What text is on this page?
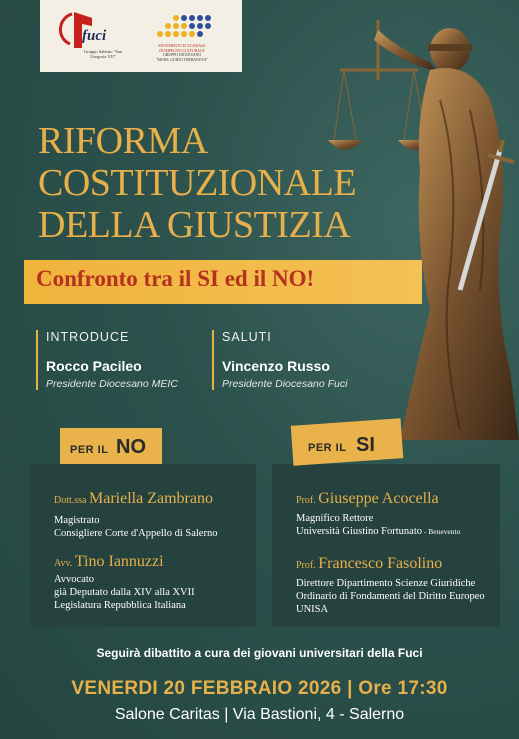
fuci
Gruppo Salerno "San Gregorio VII"
MOVIMENTO ECCLESIALE
DI IMPEGNO CULTURALE
GRUPPO DIOCESANO
"MONS. GUIDO TERRANOVA"
RIFORMA
COSTITUZIONALE
DELLA GIUSTIZIA
Confronto tra il SI ed il NO!
INTRODUCE
Rocco Pacileo
Presidente Diocesano MEIC
SALUTI
Vincenzo Russo
Presidente Diocesano Fuci
PER IL NO
Dott.ssa Mariella Zambrano
Magistrato
Consigliere Corte d'Appello di Salerno
Avv. Tino Iannuzzi
Avvocato
già Deputato dalla XIV alla XVII
Legislatura Repubblica Italiana
PER IL SI
Prof. Giuseppe Acocella
Magnifico Rettore
Università Giustino Fortunato - Benevento
Prof. Francesco Fasolino
Direttore Dipartimento Scienze Giuridiche
Ordinario di Fondamenti del Diritto Europeo
UNISA
Seguirà dibattito a cura dei giovani universitari della Fuci
VENERDI 20 FEBBRAIO 2026 | Ore 17:30
Salone Caritas | Via Bastioni, 4 - Salerno
